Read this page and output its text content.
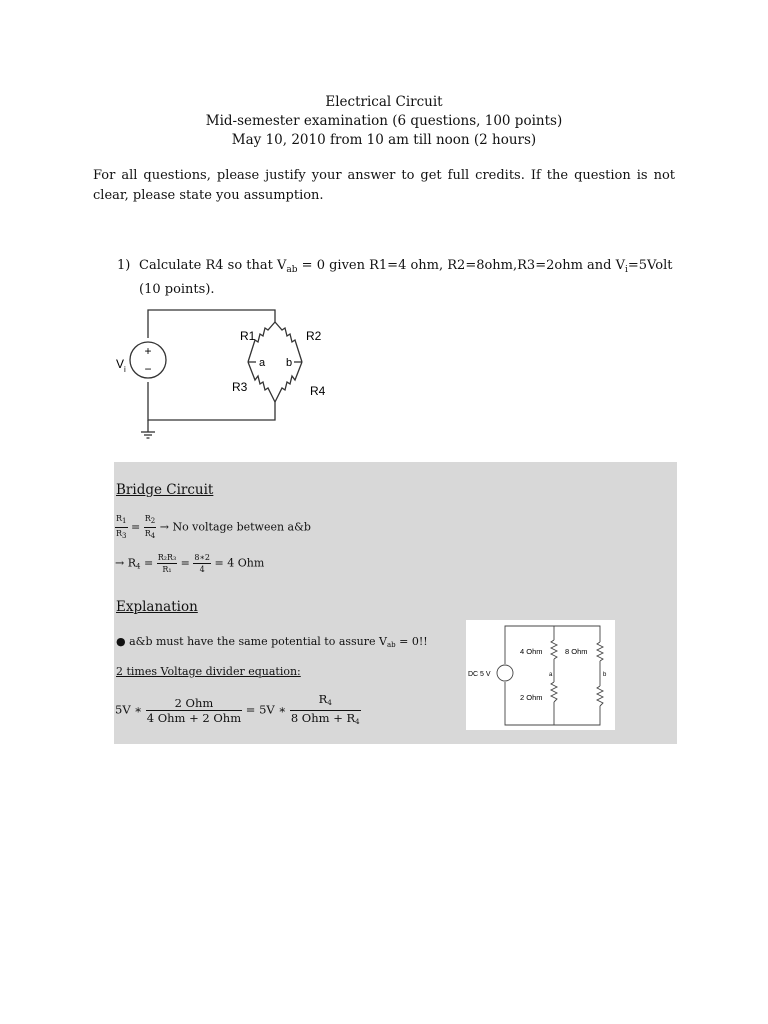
Electrical Circuit
Mid-semester examination (6 questions, 100 points)
May 10, 2010 from 10 am till noon (2 hours)
For all questions, please justify your answer to get full credits. If the question is not clear, please state you assumption.
1) Calculate R4 so that $V_{ab} = 0$ given R1=4 ohm, R2=8ohm,R3=2ohm and $V_i=5Volt$
(10 points).
+
−
V i
R1	R2
R3	R4
a b
Bridge Circuit
$\frac{R1}{R3} = \frac{R2}{R4} \to No$ voltage between a&b
→ $R_4 = \frac{\text{R₂R₃}}{\text{R₁}} = \frac{8∗2}{4} = 4$ Ohm
Explanation
● a&b must have the same potential to assure $V_{ab} = 0$!!
2 times Voltage divider equation:
5V ∗ $\frac{\text{2 Ohm}}{\text{4 Ohm + 2 Ohm}} = 5V$ ∗ $\frac{R_4}{8 Ohm + R_4}$
DC 5 V
4 Ohm	8 Ohm
2 Ohm
a	b
